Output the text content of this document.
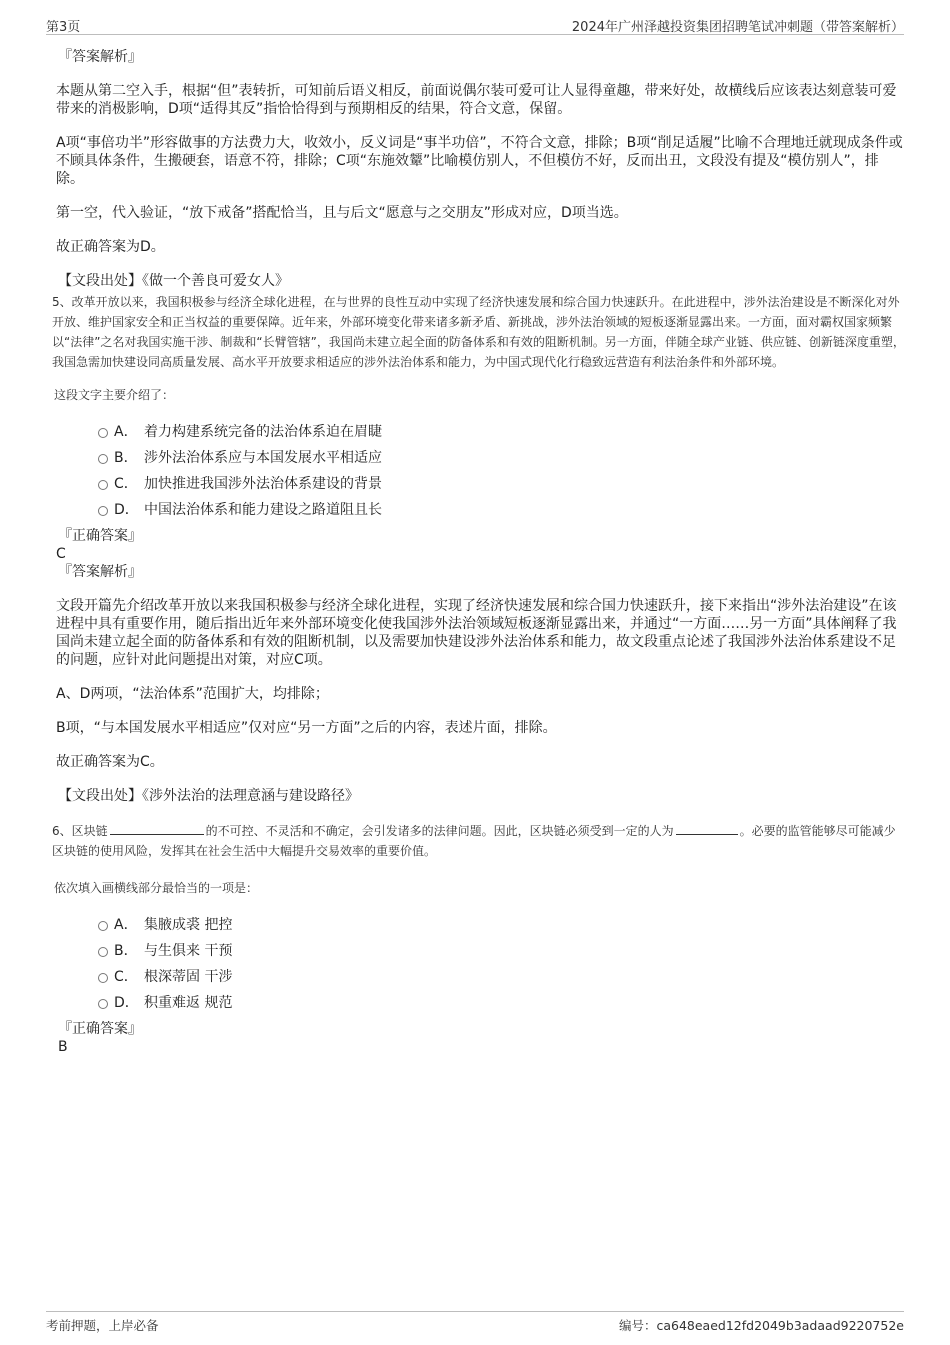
第3页	2024年广州泽越投资集团招聘笔试冲刺题（带答案解析）

『答案解析』

本题从第二空入手，根据“但”表转折，可知前后语义相反，前面说偶尔装可爱可让人显得童趣，带来好处，故横线后应该表达刻意装可爱带来的消极影响，D项“适得其反”指恰恰得到与预期相反的结果，符合文意，保留。

A项“事倍功半”形容做事的方法费力大，收效小，反义词是“事半功倍”，不符合文意，排除；B项“削足适履”比喻不合理地迁就现成条件或不顾具体条件，生搬硬套，语意不符，排除；C项“东施效颦”比喻模仿别人，不但模仿不好，反而出丑，文段没有提及“模仿别人”，排除。

第一空，代入验证，“放下戒备”搭配恰当，且与后文“愿意与之交朋友”形成对应，D项当选。

故正确答案为D。

【文段出处】《做一个善良可爱女人》

5、改革开放以来，我国积极参与经济全球化进程，在与世界的良性互动中实现了经济快速发展和综合国力快速跃升。在此进程中，涉外法治建设是不断深化对外开放、维护国家安全和正当权益的重要保障。近年来，外部环境变化带来诸多新矛盾、新挑战，涉外法治领域的短板逐渐显露出来。一方面，面对霸权国家频繁以“法律”之名对我国实施干涉、制裁和“长臂管辖”，我国尚未建立起全面的防备体系和有效的阻断机制。另一方面，伴随全球产业链、供应链、创新链深度重塑，我国急需加快建设同高质量发展、高水平开放要求相适应的涉外法治体系和能力，为中国式现代化行稳致远营造有利法治条件和外部环境。

这段文字主要介绍了：

A． 着力构建系统完备的法治体系迫在眉睫
B． 涉外法治体系应与本国发展水平相适应
C． 加快推进我国涉外法治体系建设的背景
D． 中国法治体系和能力建设之路道阻且长

『正确答案』

C

『答案解析』

文段开篇先介绍改革开放以来我国积极参与经济全球化进程，实现了经济快速发展和综合国力快速跃升，接下来指出“涉外法治建设”在该进程中具有重要作用，随后指出近年来外部环境变化使我国涉外法治领域短板逐渐显露出来，并通过“一方面……另一方面”具体阐释了我国尚未建立起全面的防备体系和有效的阻断机制，以及需要加快建设涉外法治体系和能力，故文段重点论述了我国涉外法治体系建设不足的问题，应针对此问题提出对策，对应C项。

A、D两项，“法治体系”范围扩大，均排除；

B项，“与本国发展水平相适应”仅对应“另一方面”之后的内容，表述片面，排除。

故正确答案为C。

【文段出处】《涉外法治的法理意涵与建设路径》

6、区块链	的不可控、不灵活和不确定，会引发诸多的法律问题。因此，区块链必须受到一定的人为	。必要的监管能够尽可能减少区块链的使用风险，发挥其在社会生活中大幅提升交易效率的重要价值。

依次填入画横线部分最恰当的一项是：

A． 集腋成裘 把控
B． 与生俱来 干预
C． 根深蒂固 干涉
D． 积重难返 规范

『正确答案』

B

考前押题，上岸必备	编号：ca648eaed12fd2049b3adaad9220752e
